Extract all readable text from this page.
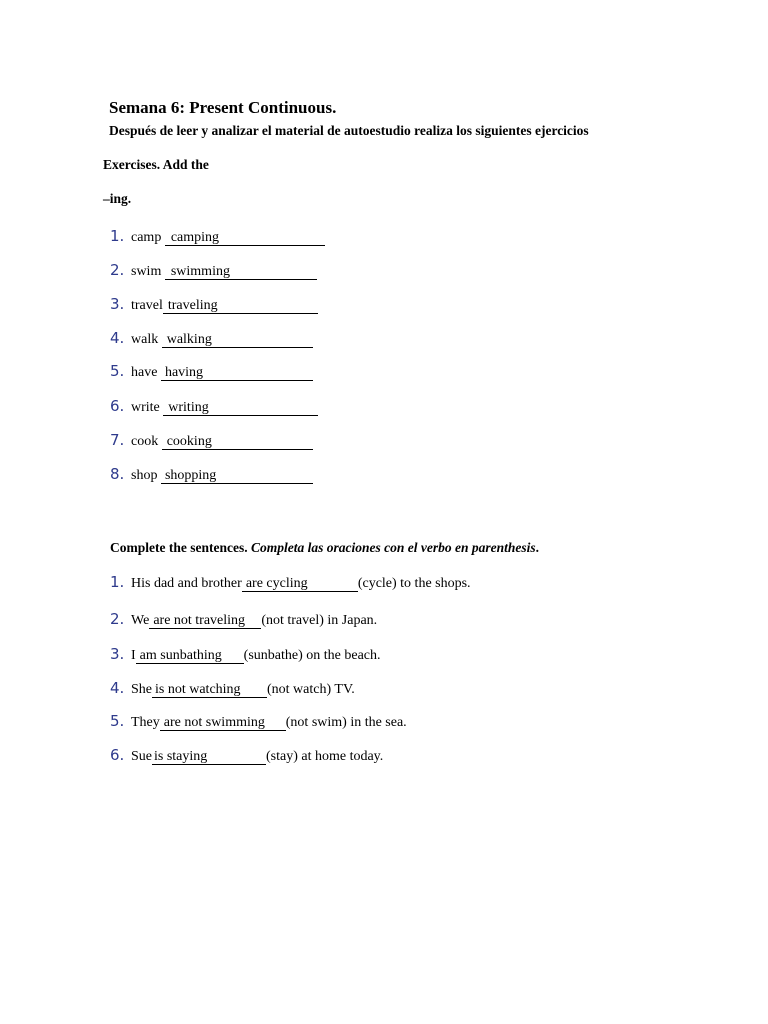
Semana 6: Present Continuous.
Después de leer y analizar el material de autoestudio realiza los siguientes ejercicios
Exercises. Add the
–ing.
1. camp camping
2. swim swimming
3. travel traveling
4. walk walking
5. have having
6. write writing
7. cook cooking
8. shop shopping
Complete the sentences. Completa las oraciones con el verbo en parenthesis.
1. His dad and brother are cycling	(cycle) to the shops.
2. We are not traveling (not travel) in Japan.
3. I am sunbathing (sunbathe) on the beach.
4. She is not watching (not watch) TV.
5. They are not swimming (not swim) in the sea.
6. Sue is staying	(stay) at home today.
